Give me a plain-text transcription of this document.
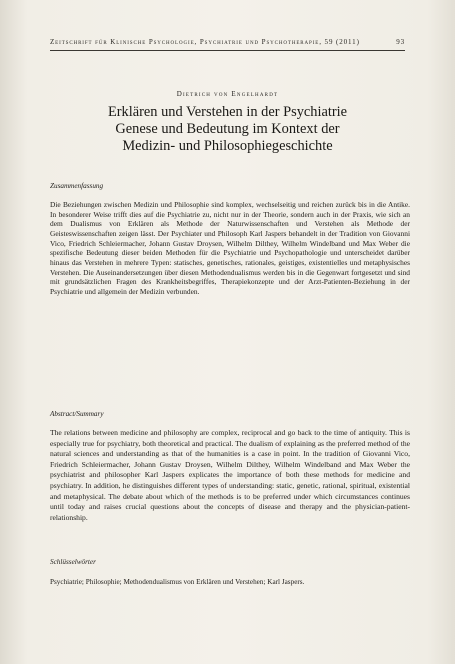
Zeitschrift für Klinische Psychologie, Psychiatrie und Psychotherapie, 59 (2011)	93
Dietrich von Engelhardt
Erklären und Verstehen in der Psychiatrie
Genese und Bedeutung im Kontext der
Medizin- und Philosophiegeschichte
Zusammenfassung
Die Beziehungen zwischen Medizin und Philosophie sind komplex, wechselseitig und reichen zurück bis in die Antike. In besonderer Weise trifft dies auf die Psychiatrie zu, nicht nur in der Theorie, sondern auch in der Praxis, wie sich an dem Dualismus von Erklären als Methode der Naturwissenschaften und Verstehen als Methode der Geisteswissenschaften zeigen lässt. Der Psychiater und Philosoph Karl Jaspers behandelt in der Tradition von Giovanni Vico, Friedrich Schleiermacher, Johann Gustav Droysen, Wilhelm Dilthey, Wilhelm Windelband und Max Weber die spezifische Bedeutung dieser beiden Methoden für die Psychiatrie und Psychopathologie und unterscheidet darüber hinaus das Verstehen in mehrere Typen: statisches, genetisches, rationales, geistiges, existentielles und metaphysisches Verstehen. Die Auseinandersetzungen über diesen Methodendualismus werden bis in die Gegenwart fortgesetzt und sind mit grundsätzlichen Fragen des Krankheitsbegriffes, Therapiekonzepte und der Arzt-Patienten-Beziehung in der Psychiatrie und allgemein der Medizin verbunden.
Abstract/Summary
The relations between medicine and philosophy are complex, reciprocal and go back to the time of antiquity. This is especially true for psychiatry, both theoretical and practical. The dualism of explaining as the preferred method of the natural sciences and understanding as that of the humanities is a case in point. In the tradition of Giovanni Vico, Friedrich Schleiermacher, Johann Gustav Droysen, Wilhelm Dilthey, Wilhelm Windelband and Max Weber the psychiatrist and philosopher Karl Jaspers explicates the importance of both these methods for medicine and psychiatry. In addition, he distinguishes different types of understanding: static, genetic, rational, spiritual, existential and metaphysical. The debate about which of the methods is to be preferred under which circumstances continues until today and raises crucial questions about the concepts of disease and therapy and the physician-patient-relationship.
Schlüsselwörter
Psychiatrie; Philosophie; Methodendualismus von Erklären und Verstehen; Karl Jaspers.
